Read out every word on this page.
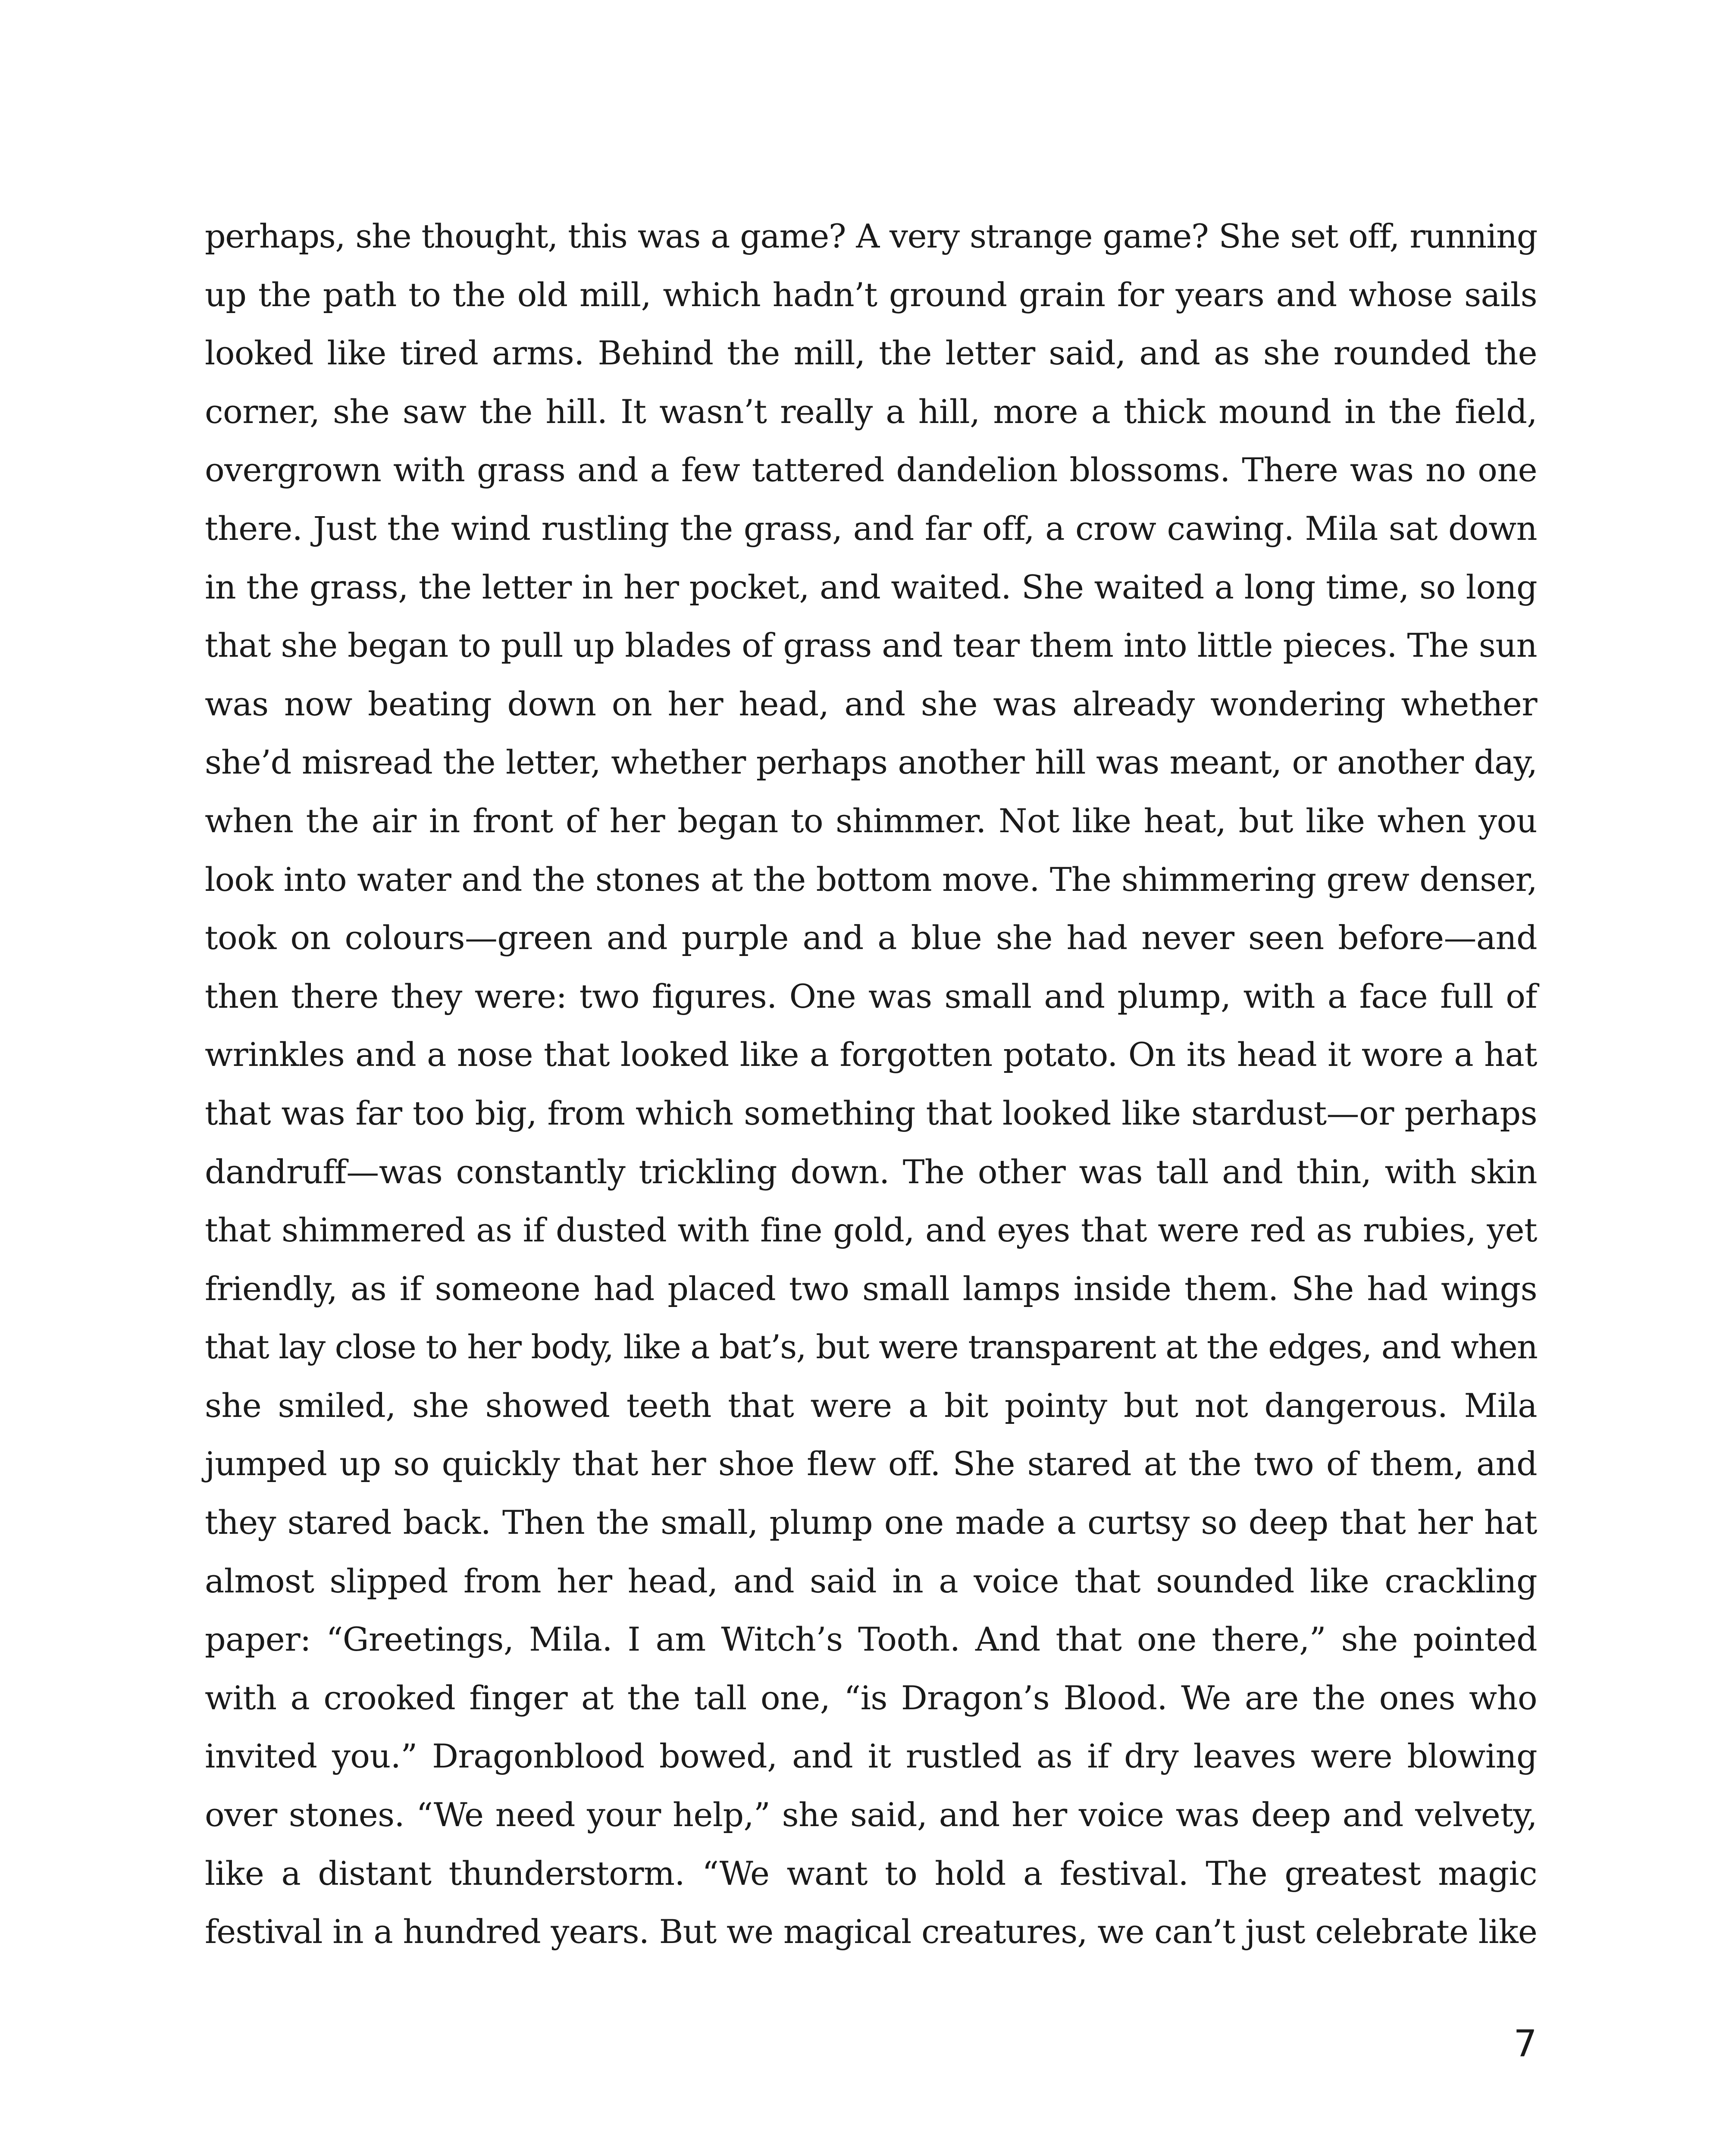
perhaps, she thought, this was a game? A very strange game? She set off, running
up the path to the old mill, which hadn’t ground grain for years and whose sails
looked like tired arms. Behind the mill, the letter said, and as she rounded the
corner, she saw the hill. It wasn’t really a hill, more a thick mound in the field,
overgrown with grass and a few tattered dandelion blossoms. There was no one
there. Just the wind rustling the grass, and far off, a crow cawing. Mila sat down
in the grass, the letter in her pocket, and waited. She waited a long time, so long
that she began to pull up blades of grass and tear them into little pieces. The sun
was now beating down on her head, and she was already wondering whether
she’d misread the letter, whether perhaps another hill was meant, or another day,
when the air in front of her began to shimmer. Not like heat, but like when you
look into water and the stones at the bottom move. The shimmering grew denser,
took on colours—green and purple and a blue she had never seen before—and
then there they were: two figures. One was small and plump, with a face full of
wrinkles and a nose that looked like a forgotten potato. On its head it wore a hat
that was far too big, from which something that looked like stardust—or perhaps
dandruff—was constantly trickling down. The other was tall and thin, with skin
that shimmered as if dusted with fine gold, and eyes that were red as rubies, yet
friendly, as if someone had placed two small lamps inside them. She had wings
that lay close to her body, like a bat’s, but were transparent at the edges, and when
she smiled, she showed teeth that were a bit pointy but not dangerous. Mila
jumped up so quickly that her shoe flew off. She stared at the two of them, and
they stared back. Then the small, plump one made a curtsy so deep that her hat
almost slipped from her head, and said in a voice that sounded like crackling
paper: “Greetings, Mila. I am Witch’s Tooth. And that one there,” she pointed
with a crooked finger at the tall one, “is Dragon’s Blood. We are the ones who
invited you.” Dragonblood bowed, and it rustled as if dry leaves were blowing
over stones. “We need your help,” she said, and her voice was deep and velvety,
like a distant thunderstorm. “We want to hold a festival. The greatest magic
festival in a hundred years. But we magical creatures, we can’t just celebrate like
7
